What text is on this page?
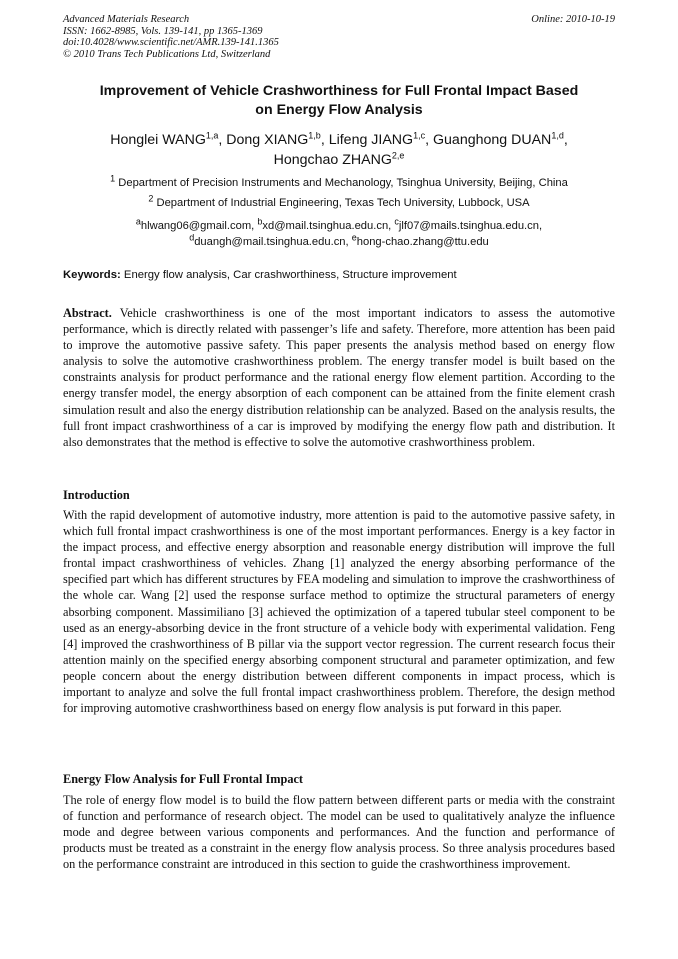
Advanced Materials Research
ISSN: 1662-8985, Vols. 139-141, pp 1365-1369
doi:10.4028/www.scientific.net/AMR.139-141.1365
© 2010 Trans Tech Publications Ltd, Switzerland
Online: 2010-10-19
Improvement of Vehicle Crashworthiness for Full Frontal Impact Based
on Energy Flow Analysis
Honglei WANG$^{1,a}$, Dong XIANG$^{1,b}$, Lifeng JIANG$^{1,c}$, Guanghong DUAN$^{1,d}$,
Hongchao ZHANG$^{2,e}$
$^1$ Department of Precision Instruments and Mechanology, Tsinghua University, Beijing, China
$^2$ Department of Industrial Engineering, Texas Tech University, Lubbock, USA
$^a$hlwang06@gmail.com, $^b$xd@mail.tsinghua.edu.cn, $^c$jlf07@mails.tsinghua.edu.cn,
$^d$duangh@mail.tsinghua.edu.cn, $^e$hong-chao.zhang@ttu.edu
Keywords: Energy flow analysis, Car crashworthiness, Structure improvement
Abstract. Vehicle crashworthiness is one of the most important indicators to assess the automotive performance, which is directly related with passenger’s life and safety. Therefore, more attention has been paid to improve the automotive passive safety. This paper presents the analysis method based on energy flow analysis to solve the automotive crashworthiness problem. The energy transfer model is built based on the constraints analysis for product performance and the rational energy flow element partition. According to the energy transfer model, the energy absorption of each component can be attained from the finite element crash simulation result and also the energy distribution relationship can be analyzed. Based on the analysis results, the full front impact crashworthiness of a car is improved by modifying the energy flow path and distribution. It also demonstrates that the method is effective to solve the automotive crashworthiness problem.
Introduction
With the rapid development of automotive industry, more attention is paid to the automotive passive safety, in which full frontal impact crashworthiness is one of the most important performances. Energy is a key factor in the impact process, and effective energy absorption and reasonable energy distribution will improve the full frontal impact crashworthiness of vehicles. Zhang [1] analyzed the energy absorbing performance of the specified part which has different structures by FEA modeling and simulation to improve the crashworthiness of the whole car. Wang [2] used the response surface method to optimize the structural parameters of energy absorbing component. Massimiliano [3] achieved the optimization of a tapered tubular steel component to be used as an energy-absorbing device in the front structure of a vehicle body with experimental validation. Feng [4] improved the crashworthiness of B pillar via the support vector regression. The current research focus their attention mainly on the specified energy absorbing component structural and parameter optimization, and few people concern about the energy distribution between different components in impact process, which is important to analyze and solve the full frontal impact crashworthiness problem. Therefore, the design method for improving automotive crashworthiness based on energy flow analysis is put forward in this paper.
Energy Flow Analysis for Full Frontal Impact
The role of energy flow model is to build the flow pattern between different parts or media with the constraint of function and performance of research object. The model can be used to qualitatively analyze the influence mode and degree between various components and performances. And the function and performance of products must be treated as a constraint in the energy flow analysis process. So three analysis procedures based on the performance constraint are introduced in this section to guide the crashworthiness improvement.
